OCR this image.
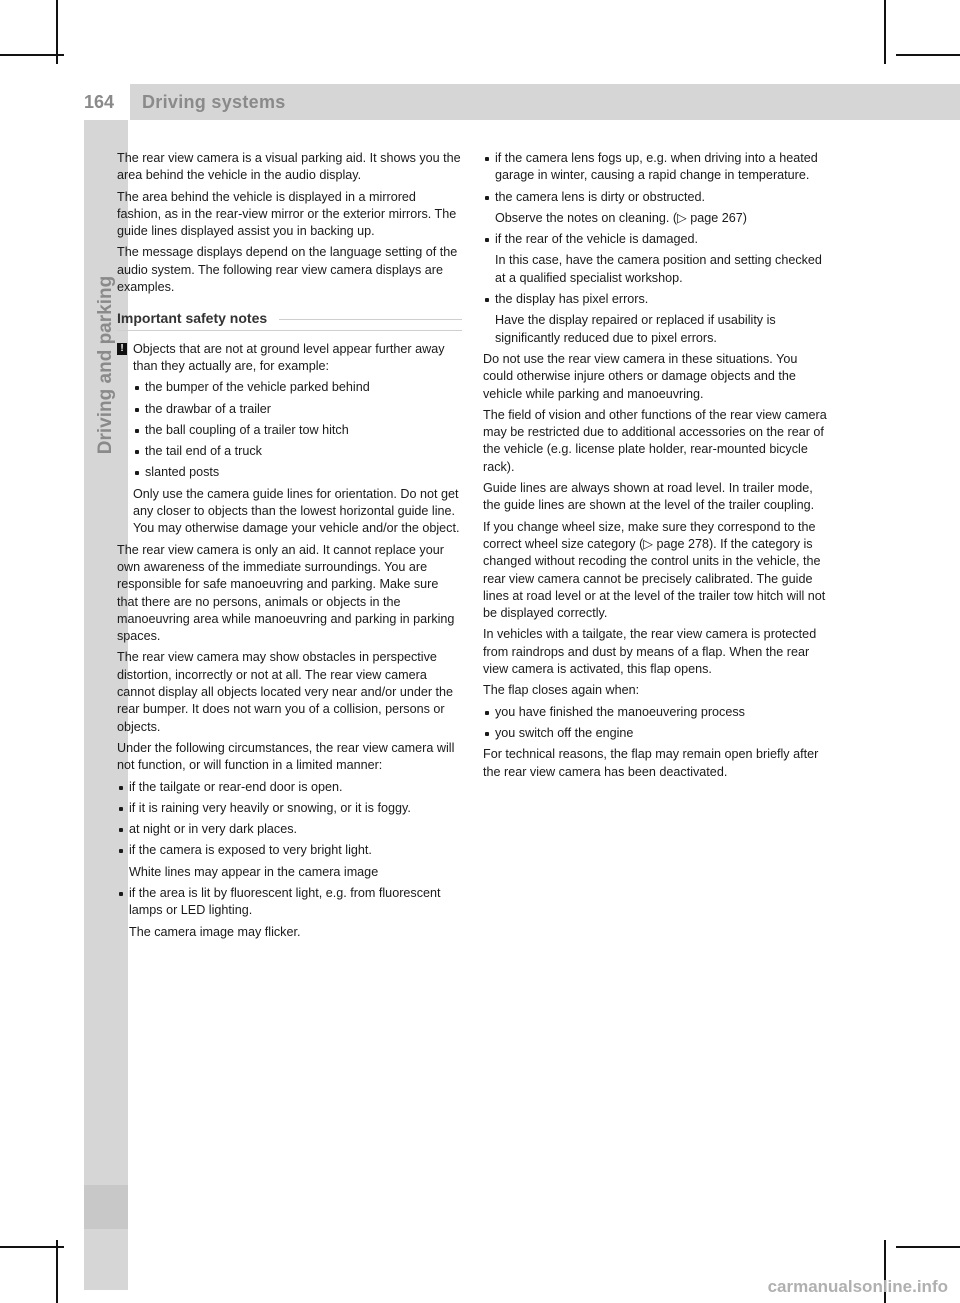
164	Driving systems
Driving and parking

The rear view camera is a visual parking aid. It shows you the area behind the vehicle in the audio display.

The area behind the vehicle is displayed in a mirrored fashion, as in the rear-view mirror or the exterior mirrors. The guide lines displayed assist you in backing up.

The message displays depend on the language setting of the audio system. The following rear view camera displays are examples.

Important safety notes
! Objects that are not at ground level appear further away than they actually are, for example:
the bumper of the vehicle parked behind
the drawbar of a trailer
the ball coupling of a trailer tow hitch
the tail end of a truck
slanted posts

Only use the camera guide lines for orientation. Do not get any closer to objects than the lowest horizontal guide line. You may otherwise damage your vehicle and/or the object.

The rear view camera is only an aid. It cannot replace your own awareness of the immediate surroundings. You are responsible for safe manoeuvring and parking. Make sure that there are no persons, animals or objects in the manoeuvring area while manoeuvring and parking in parking spaces.

The rear view camera may show obstacles in perspective distortion, incorrectly or not at all. The rear view camera cannot display all objects located very near and/or under the rear bumper. It does not warn you of a collision, persons or objects.

Under the following circumstances, the rear view camera will not function, or will function in a limited manner:

if the tailgate or rear-end door is open.
if it is raining very heavily or snowing, or it is foggy.
at night or in very dark places.
if the camera is exposed to very bright light.

White lines may appear in the camera image

if the area is lit by fluorescent light, e.g. from fluorescent lamps or LED lighting.

The camera image may flicker.

if the camera lens fogs up, e.g. when driving into a heated garage in winter, causing a rapid change in temperature.
the camera lens is dirty or obstructed.

Observe the notes on cleaning. (▷ page 267)

if the rear of the vehicle is damaged.

In this case, have the camera position and setting checked at a qualified specialist workshop.

the display has pixel errors.

Have the display repaired or replaced if usability is significantly reduced due to pixel errors.

Do not use the rear view camera in these situations. You could otherwise injure others or damage objects and the vehicle while parking and manoeuvring.

The field of vision and other functions of the rear view camera may be restricted due to additional accessories on the rear of the vehicle (e.g. license plate holder, rear-mounted bicycle rack).

Guide lines are always shown at road level. In trailer mode, the guide lines are shown at the level of the trailer coupling.

If you change wheel size, make sure they correspond to the correct wheel size category (▷ page 278). If the category is changed without recoding the control units in the vehicle, the rear view camera cannot be precisely calibrated. The guide lines at road level or at the level of the trailer tow hitch will not be displayed correctly.

In vehicles with a tailgate, the rear view camera is protected from raindrops and dust by means of a flap. When the rear view camera is activated, this flap opens.

The flap closes again when:

you have finished the manoeuvering process
you switch off the engine

For technical reasons, the flap may remain open briefly after the rear view camera has been deactivated.

carmanualsonline.info
